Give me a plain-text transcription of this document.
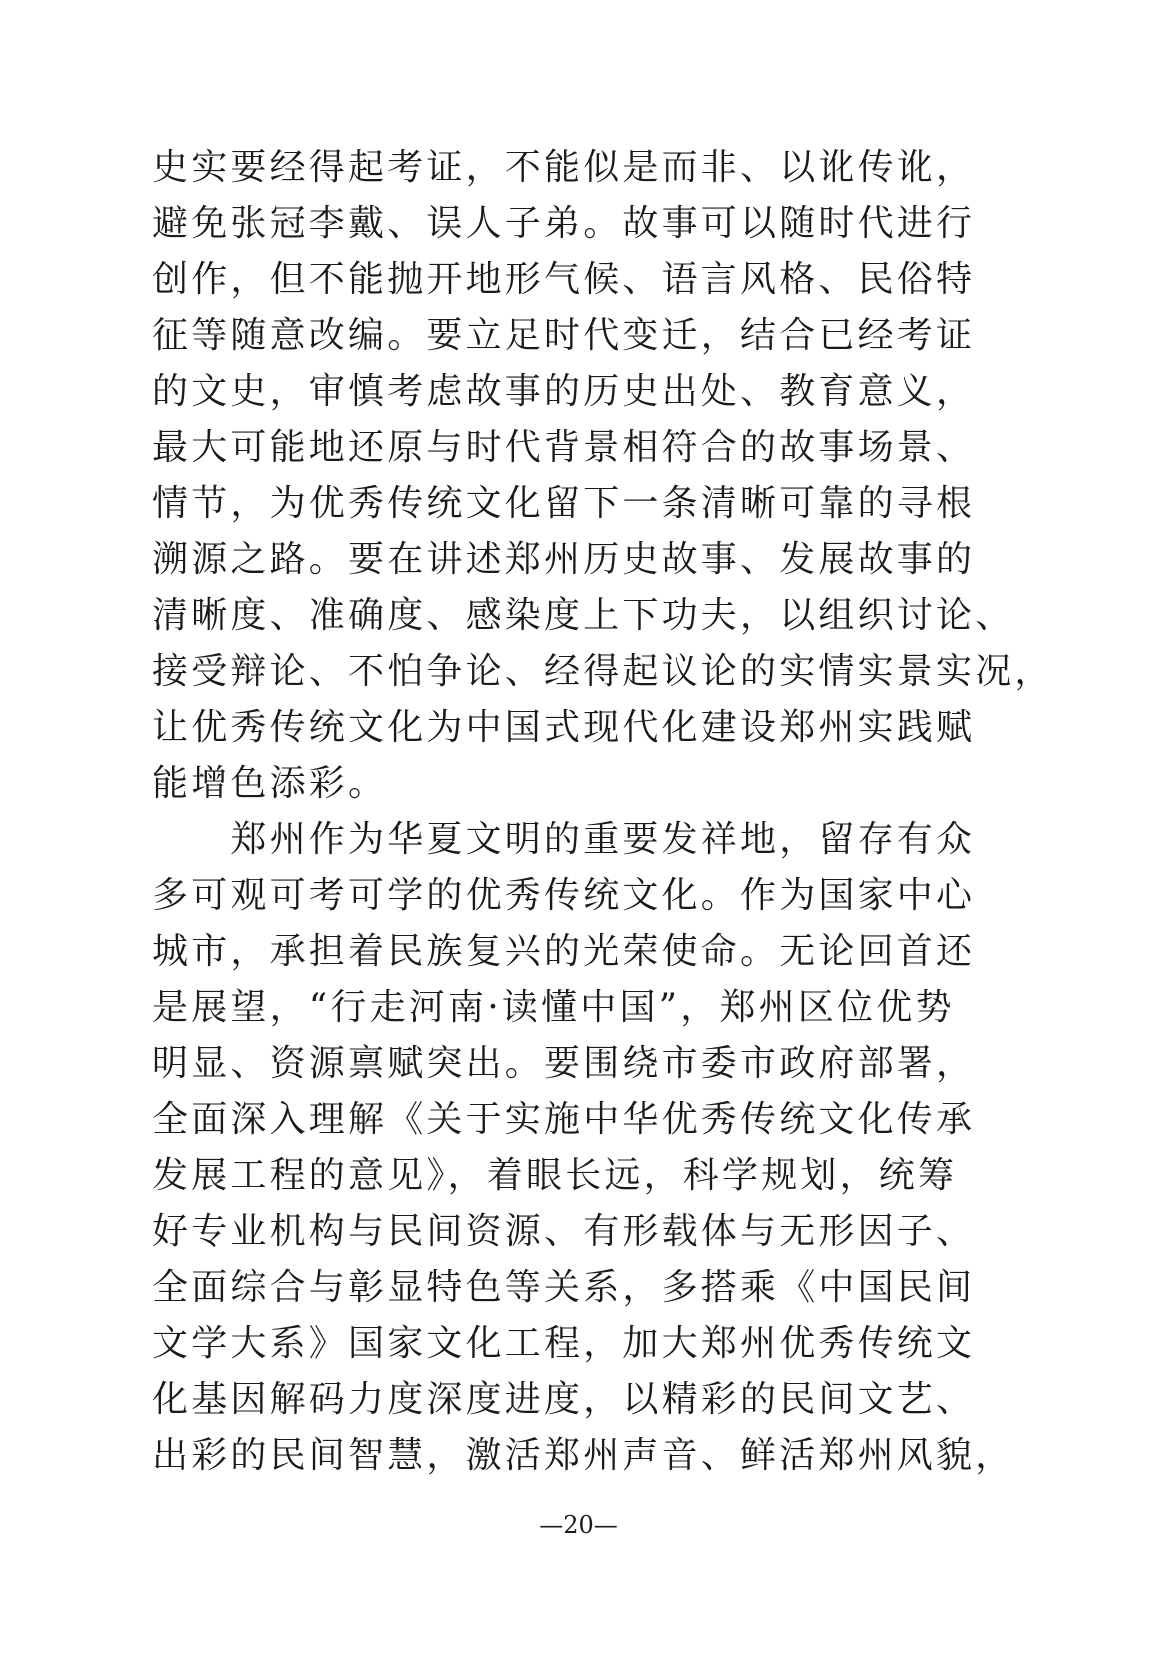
史实要经得起考证，不能似是而非、以讹传讹，
避免张冠李戴、误人子弟。故事可以随时代进行
创作，但不能抛开地形气候、语言风格、民俗特
征等随意改编。要立足时代变迁，结合已经考证
的文史，审慎考虑故事的历史出处、教育意义，
最大可能地还原与时代背景相符合的故事场景、
情节，为优秀传统文化留下一条清晰可靠的寻根
溯源之路。要在讲述郑州历史故事、发展故事的
清晰度、准确度、感染度上下功夫，以组织讨论、
接受辩论、不怕争论、经得起议论的实情实景实况，
让优秀传统文化为中国式现代化建设郑州实践赋
能增色添彩。
　　郑州作为华夏文明的重要发祥地，留存有众
多可观可考可学的优秀传统文化。作为国家中心
城市，承担着民族复兴的光荣使命。无论回首还
是展望，“行走河南·读懂中国”，郑州区位优势
明显、资源禀赋突出。要围绕市委市政府部署，
全面深入理解《关于实施中华优秀传统文化传承
发展工程的意见》，着眼长远，科学规划，统筹
好专业机构与民间资源、有形载体与无形因子、
全面综合与彰显特色等关系，多搭乘《中国民间
文学大系》国家文化工程，加大郑州优秀传统文
化基因解码力度深度进度，以精彩的民间文艺、
出彩的民间智慧，激活郑州声音、鲜活郑州风貌，
—20—
